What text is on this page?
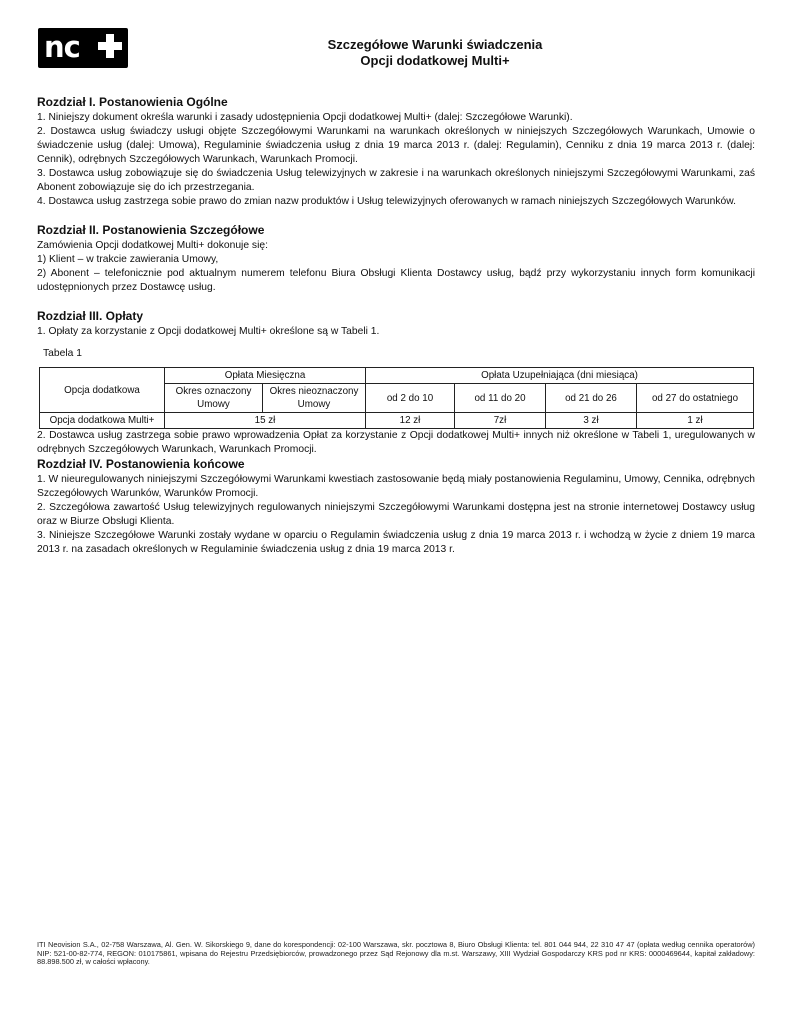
nc	Szczegółowe Warunki świadczenia
Opcji dodatkowej Multi+
Rozdział I. Postanowienia Ogólne

1. Niniejszy dokument określa warunki i zasady udostępnienia Opcji dodatkowej Multi+ (dalej: Szczegółowe Warunki).

2. Dostawca usług świadczy usługi objęte Szczegółowymi Warunkami na warunkach określonych w niniejszych Szczegółowych Warunkach, Umowie o świadczenie usług (dalej: Umowa), Regulaminie świadczenia usług z dnia 19 marca 2013 r. (dalej: Regulamin), Cenniku z dnia 19 marca 2013 r. (dalej: Cennik), odrębnych Szczegółowych Warunkach, Warunkach Promocji.

3. Dostawca usług zobowiązuje się do świadczenia Usług telewizyjnych w zakresie i na warunkach określonych niniejszymi Szczegółowymi Warunkami, zaś Abonent zobowiązuje się do ich przestrzegania.

4. Dostawca usług zastrzega sobie prawo do zmian nazw produktów i Usług telewizyjnych oferowanych w ramach niniejszych Szczegółowych Warunków.

Rozdział II. Postanowienia Szczegółowe

Zamówienia Opcji dodatkowej Multi+ dokonuje się:

1) Klient – w trakcie zawierania Umowy,

2) Abonent – telefonicznie pod aktualnym numerem telefonu Biura Obsługi Klienta Dostawcy usług, bądź przy wykorzystaniu innych form komunikacji udostępnionych przez Dostawcę usług.

Rozdział III. Opłaty

1. Opłaty za korzystanie z Opcji dodatkowej Multi+ określone są w Tabeli 1.

Tabela 1
Opcja dodatkowa	Opłata Miesięczna		Opłata Uzupełniająca (dni miesiąca)			
	Okres oznaczony Umowy	Okres nieoznaczony Umowy	od 2 do 10	od 11 do 20	od 21 do 26	od 27 do ostatniego
Opcja dodatkowa Multi+	15 zł		12 zł	7zł	3 zł	1 zł

2. Dostawca usług zastrzega sobie prawo wprowadzenia Opłat za korzystanie z Opcji dodatkowej Multi+ innych niż określone w Tabeli 1, uregulowanych w odrębnych Szczegółowych Warunkach, Warunkach Promocji.

Rozdział IV. Postanowienia końcowe

1. W nieuregulowanych niniejszymi Szczegółowymi Warunkami kwestiach zastosowanie będą miały postanowienia Regulaminu, Umowy, Cennika, odrębnych Szczegółowych Warunków, Warunków Promocji.

2. Szczegółowa zawartość Usług telewizyjnych regulowanych niniejszymi Szczegółowymi Warunkami dostępna jest na stronie internetowej Dostawcy usług oraz w Biurze Obsługi Klienta.

3. Niniejsze Szczegółowe Warunki zostały wydane w oparciu o Regulamin świadczenia usług z dnia 19 marca 2013 r. i wchodzą w życie z dniem 19 marca 2013 r. na zasadach określonych w Regulaminie świadczenia usług z dnia 19 marca 2013 r.

ITI Neovision S.A., 02-758 Warszawa, Al. Gen. W. Sikorskiego 9, dane do korespondencji: 02-100 Warszawa, skr. pocztowa 8, Biuro Obsługi Klienta: tel. 801 044 944, 22 310 47 47 (opłata według cennika operatorów) NIP: 521-00-82-774, REGON: 010175861, wpisana do Rejestru Przedsiębiorców, prowadzonego przez Sąd Rejonowy dla m.st. Warszawy, XIII Wydział Gospodarczy KRS pod nr KRS: 0000469644, kapitał zakładowy: 88.898.500 zł, w całości wpłacony.
